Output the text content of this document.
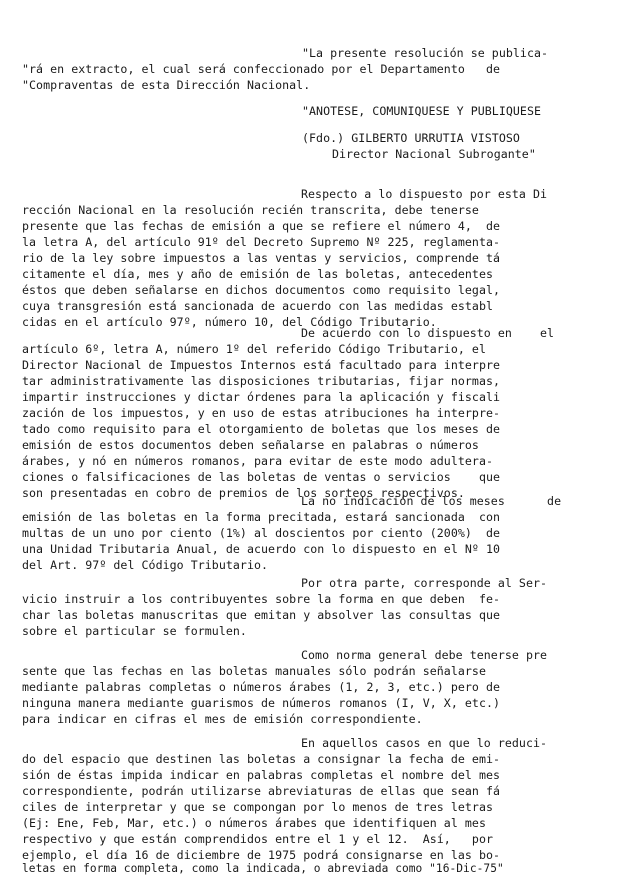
"La presente resolución se publica-
"rá en extracto, el cual será confeccionado por el Departamento   de
"Compraventas de esta Dirección Nacional.
"ANOTESE, COMUNIQUESE Y PUBLIQUESE
(Fdo.) GILBERTO URRUTIA VISTOSO
Director Nacional Subrogante"
Respecto a lo dispuesto por esta Di
rección Nacional en la resolución recién transcrita, debe tenerse
presente que las fechas de emisión a que se refiere el número 4,  de
la letra A, del artículo 91º del Decreto Supremo Nº 225, reglamenta-
rio de la ley sobre impuestos a las ventas y servicios, comprende tá
citamente el día, mes y año de emisión de las boletas, antecedentes
éstos que deben señalarse en dichos documentos como requisito legal,
cuya transgresión está sancionada de acuerdo con las medidas establ
cidas en el artículo 97º, número 10, del Código Tributario.
De acuerdo con lo dispuesto en    el
artículo 6º, letra A, número 1º del referido Código Tributario, el
Director Nacional de Impuestos Internos está facultado para interpre
tar administrativamente las disposiciones tributarias, fijar normas,
impartir instrucciones y dictar órdenes para la aplicación y fiscali
zación de los impuestos, y en uso de estas atribuciones ha interpre-
tado como requisito para el otorgamiento de boletas que los meses de
emisión de estos documentos deben señalarse en palabras o números
árabes, y nó en números romanos, para evitar de este modo adultera-
ciones o falsificaciones de las boletas de ventas o servicios    que
son presentadas en cobro de premios de los sorteos respectivos.
La no indicación de los meses      de
emisión de las boletas en la forma precitada, estará sancionada  con
multas de un uno por ciento (1%) al doscientos por ciento (200%)  de
una Unidad Tributaria Anual, de acuerdo con lo dispuesto en el Nº 10
del Art. 97º del Código Tributario.
Por otra parte, corresponde al Ser-
vicio instruir a los contribuyentes sobre la forma en que deben  fe-
char las boletas manuscritas que emitan y absolver las consultas que
sobre el particular se formulen.
Como norma general debe tenerse pre
sente que las fechas en las boletas manuales sólo podrán señalarse
mediante palabras completas o números árabes (1, 2, 3, etc.) pero de
ninguna manera mediante guarismos de números romanos (I, V, X, etc.)
para indicar en cifras el mes de emisión correspondiente.
En aquellos casos en que lo reduci-
do del espacio que destinen las boletas a consignar la fecha de emi-
sión de éstas impida indicar en palabras completas el nombre del mes
correspondiente, podrán utilizarse abreviaturas de ellas que sean fá
ciles de interpretar y que se compongan por lo menos de tres letras
(Ej: Ene, Feb, Mar, etc.) o números árabes que identifiquen al mes
respectivo y que están comprendidos entre el 1 y el 12.  Así,   por
ejemplo, el día 16 de diciembre de 1975 podrá consignarse en las bo-
letas en forma completa, como la indicada, o abreviada como "16-Dic-75"
